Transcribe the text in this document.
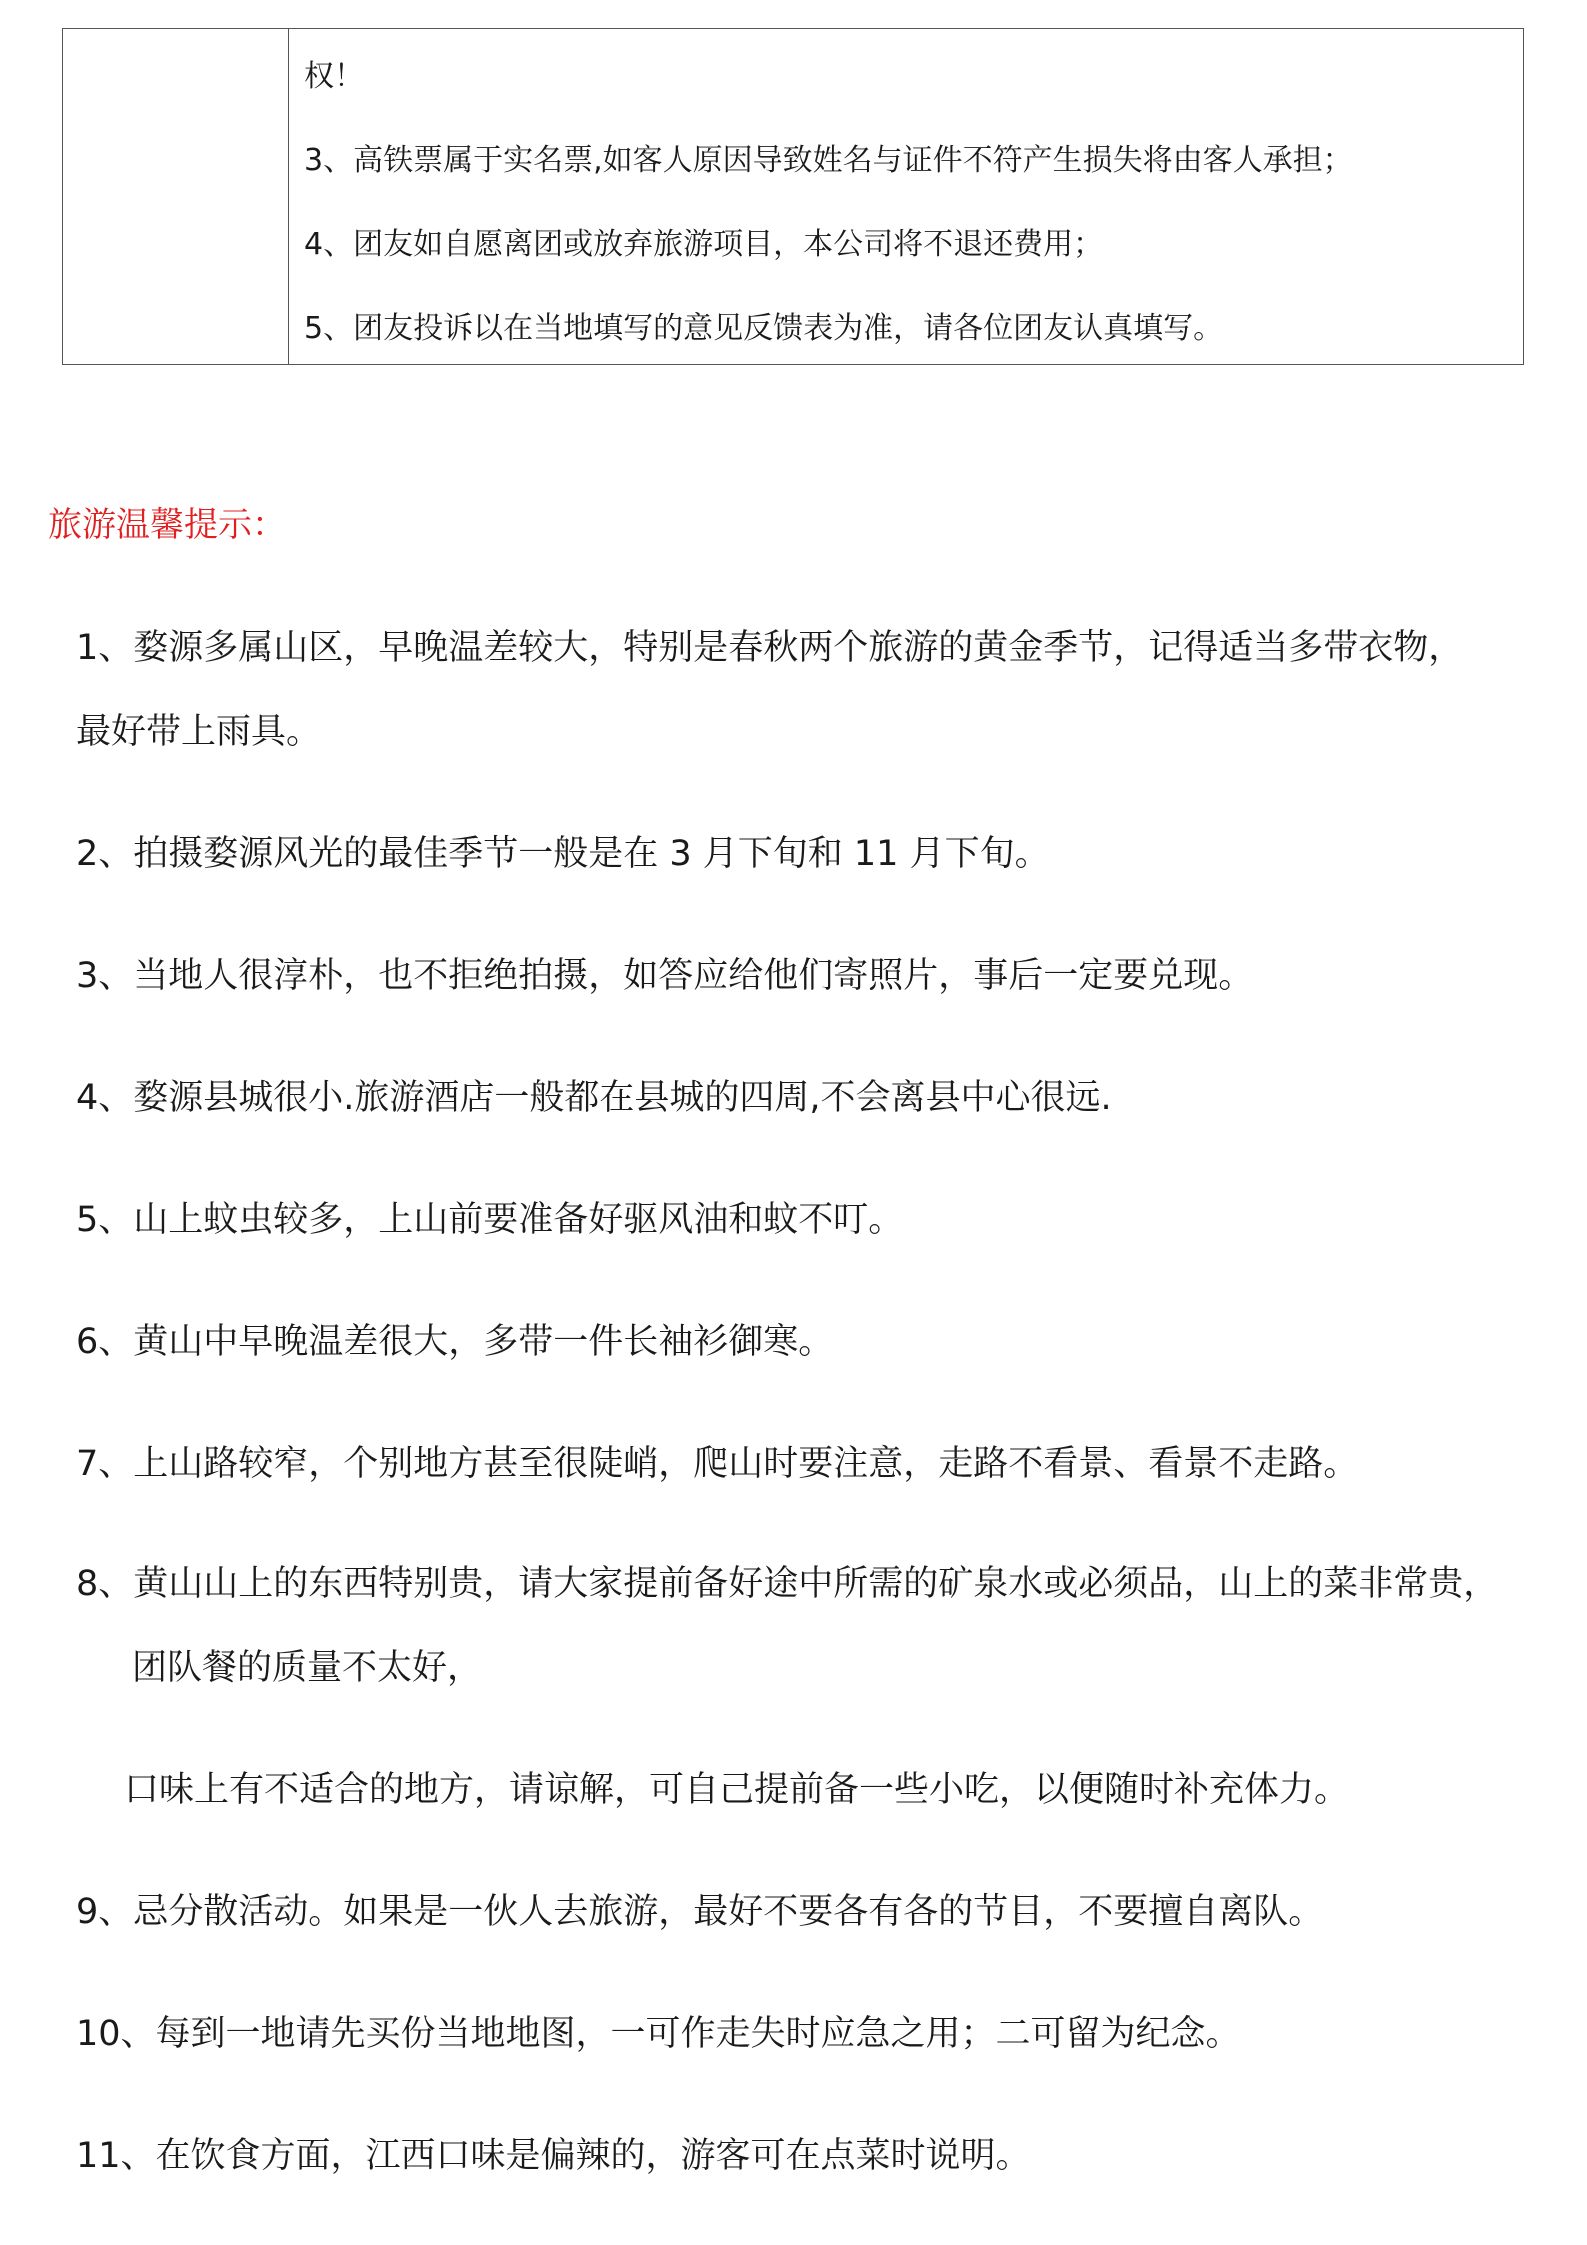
权！
3、高铁票属于实名票,如客人原因导致姓名与证件不符产生损失将由客人承担；
4、团友如自愿离团或放弃旅游项目，本公司将不退还费用；
5、团友投诉以在当地填写的意见反馈表为准，请各位团友认真填写。
旅游温馨提示：
1、婺源多属山区，早晚温差较大，特别是春秋两个旅游的黄金季节，记得适当多带衣物，
最好带上雨具。
2、拍摄婺源风光的最佳季节一般是在 3 月下旬和 11 月下旬。
3、当地人很淳朴，也不拒绝拍摄，如答应给他们寄照片，事后一定要兑现。
4、婺源县城很小.旅游酒店一般都在县城的四周,不会离县中心很远.
5、山上蚊虫较多，上山前要准备好驱风油和蚊不叮。
6、黄山中早晚温差很大，多带一件长袖衫御寒。
7、上山路较窄，个别地方甚至很陡峭，爬山时要注意，走路不看景、看景不走路。
8、黄山山上的东西特别贵，请大家提前备好途中所需的矿泉水或必须品，山上的菜非常贵，
团队餐的质量不太好，
口味上有不适合的地方，请谅解，可自己提前备一些小吃，以便随时补充体力。
9、忌分散活动。如果是一伙人去旅游，最好不要各有各的节目，不要擅自离队。
10、每到一地请先买份当地地图，一可作走失时应急之用；二可留为纪念。
11、在饮食方面，江西口味是偏辣的，游客可在点菜时说明。
